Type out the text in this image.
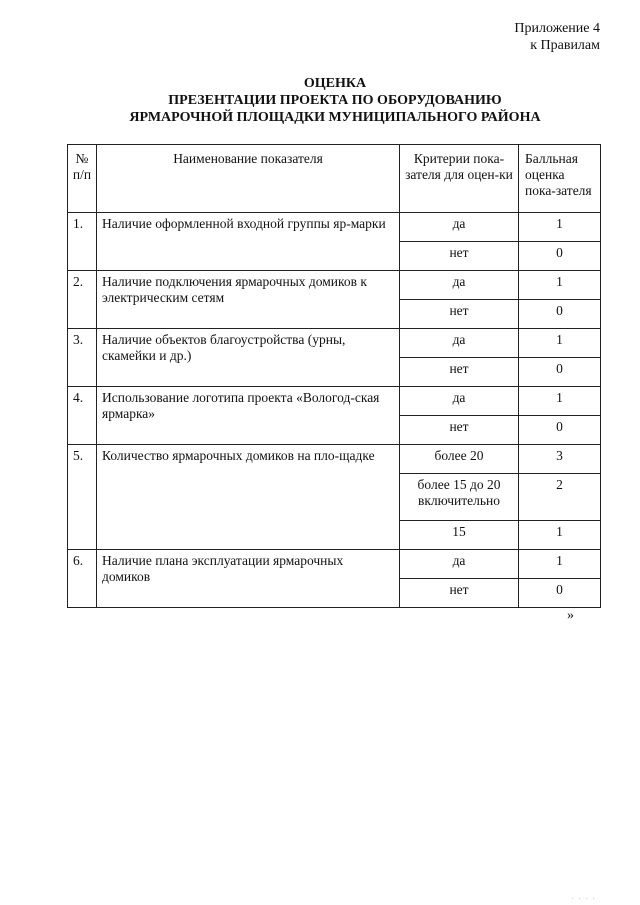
Приложение 4
к Правилам
ОЦЕНКА
ПРЕЗЕНТАЦИИ ПРОЕКТА ПО ОБОРУДОВАНИЮ
ЯРМАРОЧНОЙ ПЛОЩАДКИ МУНИЦИПАЛЬНОГО РАЙОНА
№ п/п	Наименование показателя	Критерии пока-зателя для оцен-ки	Балльная оценка пока-зателя
1.	Наличие оформленной входной группы яр-марки	да	1
		нет	0
2.	Наличие подключения ярмарочных домиков к электрическим сетям	да	1
		нет	0
3.	Наличие объектов благоустройства (урны, скамейки и др.)	да	1
		нет	0
4.	Использование логотипа проекта «Вологод-ская ярмарка»	да	1
		нет	0
5.	Количество ярмарочных домиков на пло-щадке	более 20	3
		более 15 до 20 включительно	2
		15	1
6.	Наличие плана эксплуатации ярмарочных домиков	да	1
		нет	0
»
. . . .
